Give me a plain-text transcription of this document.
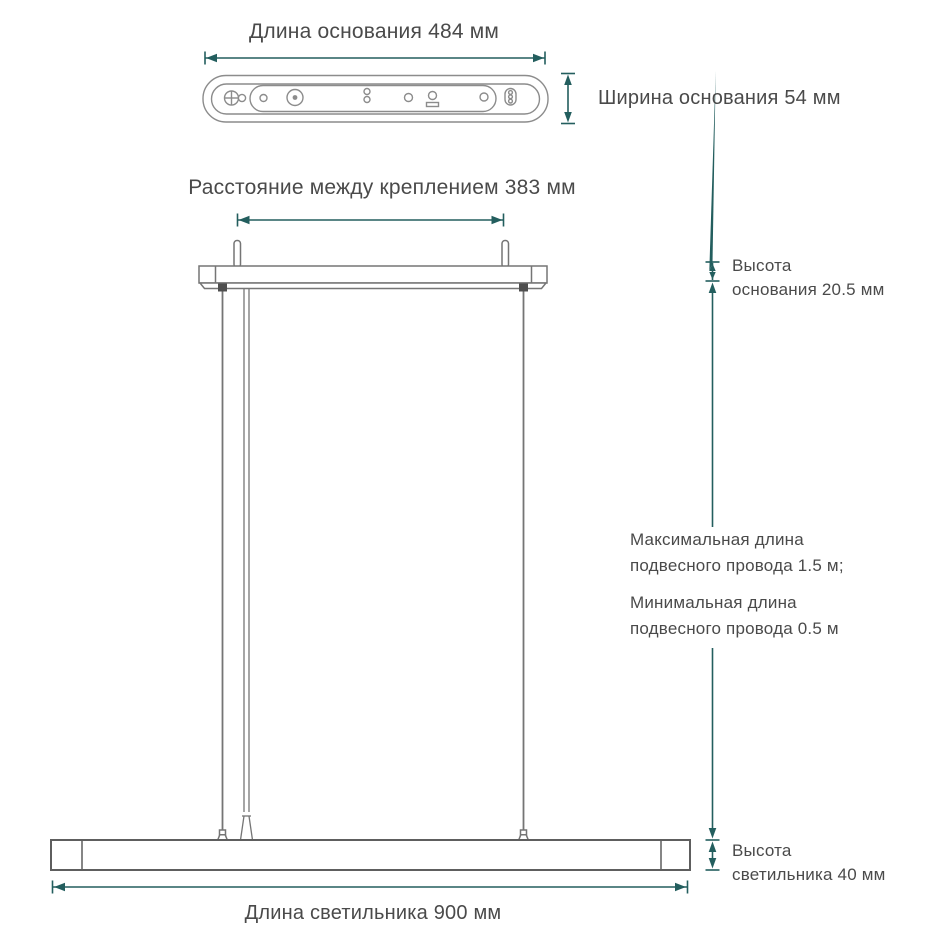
Длина основания 484 мм
Ширина основания 54 мм
Расстояние между креплением 383 мм
Высота
основания 20.5 мм
Максимальная длина
подвесного провода 1.5 м;
Минимальная длина
подвесного провода 0.5 м
Высота
светильника 40 мм
Длина светильника 900 мм
